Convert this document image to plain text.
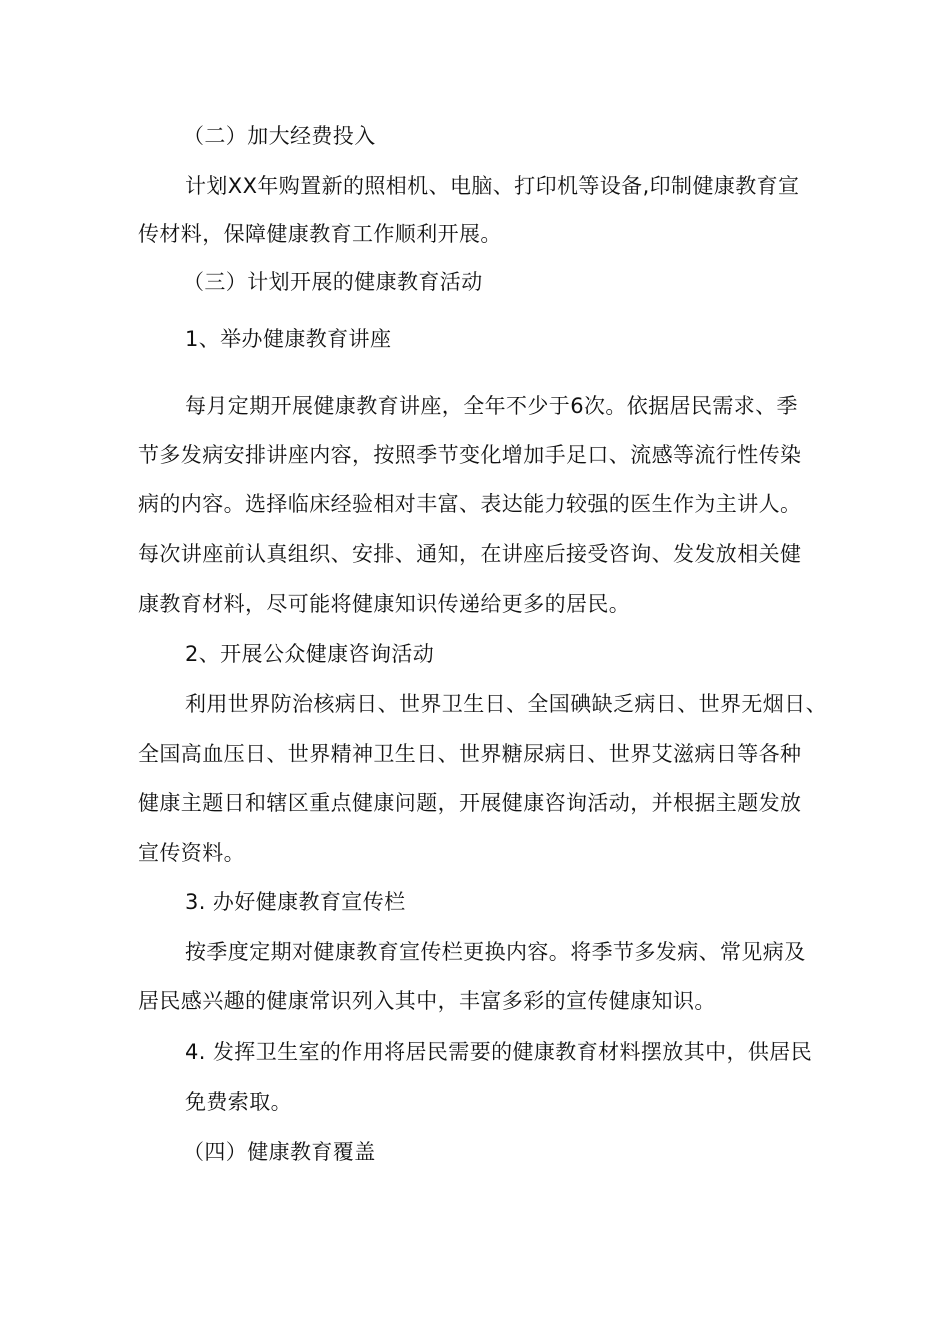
（二）加大经费投入
计划XX年购置新的照相机、电脑、打印机等设备,印制健康教育宣
传材料，保障健康教育工作顺利开展。
（三）计划开展的健康教育活动
1、举办健康教育讲座
每月定期开展健康教育讲座，全年不少于6次。依据居民需求、季
节多发病安排讲座内容，按照季节变化增加手足口、流感等流行性传染
病的内容。选择临床经验相对丰富、表达能力较强的医生作为主讲人。
每次讲座前认真组织、安排、通知，在讲座后接受咨询、发发放相关健
康教育材料，尽可能将健康知识传递给更多的居民。
2、开展公众健康咨询活动
利用世界防治核病日、世界卫生日、全国碘缺乏病日、世界无烟日、
全国高血压日、世界精神卫生日、世界糖尿病日、世界艾滋病日等各种
健康主题日和辖区重点健康问题，开展健康咨询活动，并根据主题发放
宣传资料。
3. 办好健康教育宣传栏
按季度定期对健康教育宣传栏更换内容。将季节多发病、常见病及
居民感兴趣的健康常识列入其中，丰富多彩的宣传健康知识。
4. 发挥卫生室的作用将居民需要的健康教育材料摆放其中，供居民
免费索取。
（四）健康教育覆盖
